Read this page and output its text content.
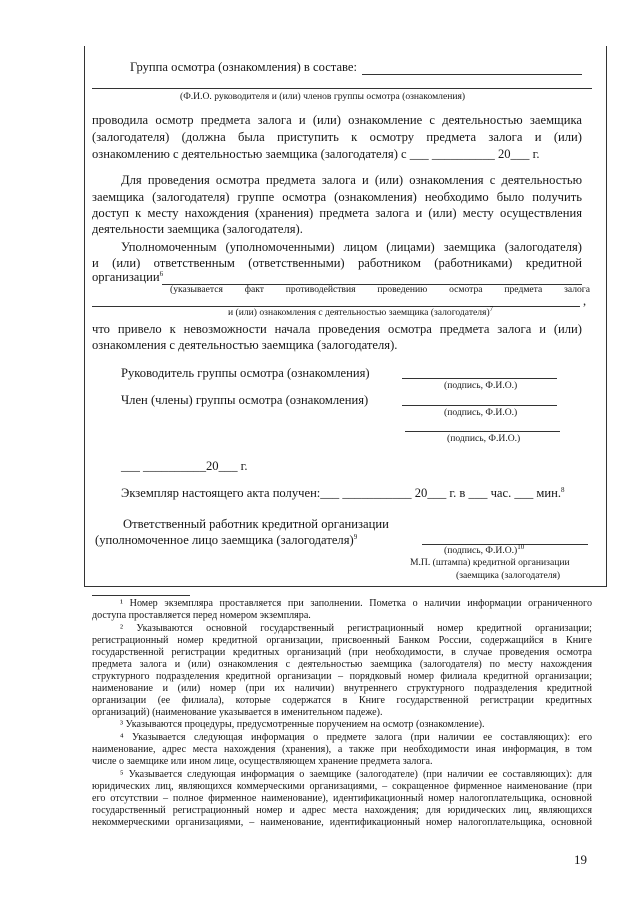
Группа осмотра (ознакомления) в составе:
(Ф.И.О. руководителя и (или) членов группы осмотра (ознакомления)
проводила осмотр предмета залога и (или) ознакомление с деятельностью заемщика
(залогодателя) (должна была приступить к осмотру предмета залога и (или)
ознакомлению с деятельностью заемщика (залогодателя) с ___ __________ 20___ г.
Для проведения осмотра предмета залога и (или) ознакомления с деятельностью
заемщика (залогодателя) группе осмотра (ознакомления) необходимо было получить
доступ к месту нахождения (хранения) предмета залога и (или) месту осуществления
деятельности заемщика (залогодателя).
Уполномоченным (уполномоченными) лицом (лицами) заемщика (залогодателя)
и (или) ответственным (ответственными) работником (работниками) кредитной
организации$^6$
(указывается факт противодействия проведению осмотра предмета залога
,
и (или) ознакомления с деятельностью заемщика (залогодателя)$^7$
что привело к невозможности начала проведения осмотра предмета залога и (или)
ознакомления с деятельностью заемщика (залогодателя).
Руководитель группы осмотра (ознакомления)
(подпись, Ф.И.О.)
Член (члены) группы осмотра (ознакомления)
(подпись, Ф.И.О.)
(подпись, Ф.И.О.)
___ __________20___ г.
Экземпляр настоящего акта получен:___ ___________ 20___ г. в ___ час. ___ мин.$^8$
Ответственный работник кредитной организации
(уполномоченное лицо заемщика (залогодателя)$^9$
(подпись, Ф.И.О.)$^{10}$
М.П. (штампа) кредитной организации
(заемщика (залогодателя)
¹ Номер экземпляра проставляется при заполнении. Пометка о наличии информации ограниченного
доступа проставляется перед номером экземпляра.
² Указываются основной государственный регистрационный номер кредитной организации;
регистрационный номер кредитной организации, присвоенный Банком России, содержащийся в Книге
государственной регистрации кредитных организаций (при необходимости, в случае проведения осмотра
предмета залога и (или) ознакомления с деятельностью заемщика (залогодателя) по месту нахождения
структурного подразделения кредитной организации – порядковый номер филиала кредитной организации;
наименование и (или) номер (при их наличии) внутреннего структурного подразделения кредитной
организации (ее филиала), которые содержатся в Книге государственной регистрации кредитных
организаций) (наименование указывается в именительном падеже).
³ Указываются процедуры, предусмотренные поручением на осмотр (ознакомление).
⁴ Указывается следующая информация о предмете залога (при наличии ее составляющих): его
наименование, адрес места нахождения (хранения), а также при необходимости иная информация, в том
числе о заемщике или ином лице, осуществляющем хранение предмета залога.
⁵ Указывается следующая информация о заемщике (залогодателе) (при наличии ее составляющих): для
юридических лиц, являющихся коммерческими организациями, – сокращенное фирменное наименование (при
его отсутствии – полное фирменное наименование), идентификационный номер налогоплательщика, основной
государственный регистрационный номер и адрес места нахождения; для юридических лиц, являющихся
некоммерческими организациями, – наименование, идентификационный номер налогоплательщика, основной
19
